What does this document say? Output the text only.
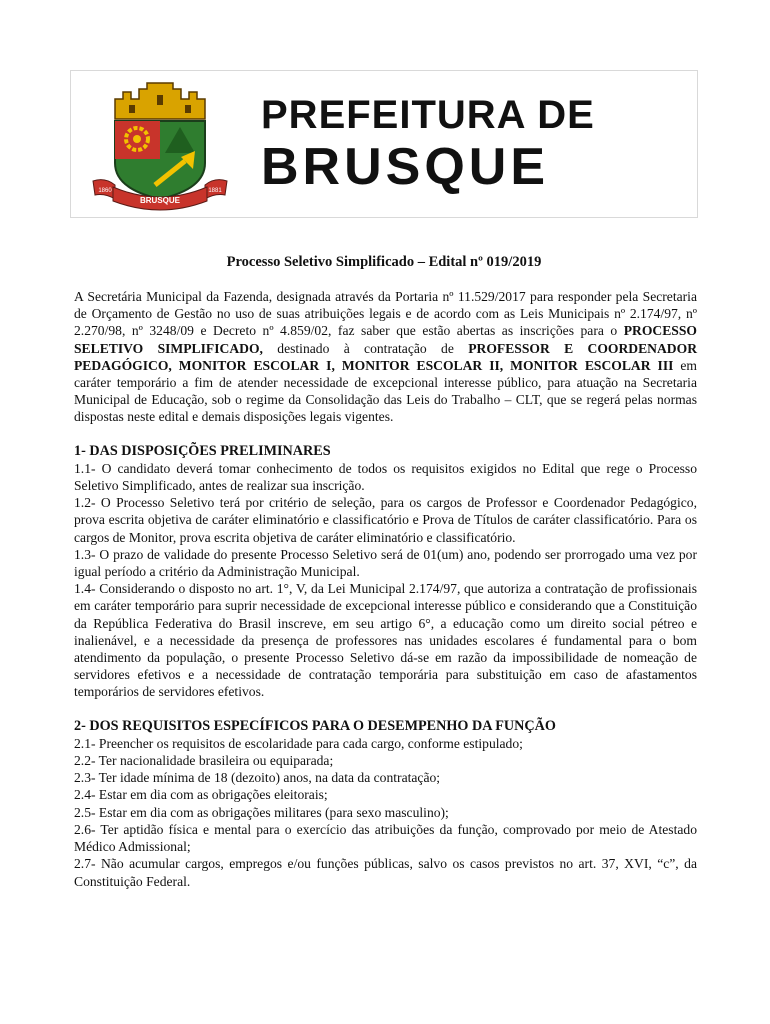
BRUSQUE
1860	1881
PREFEITURA DE
BRUSQUE
Processo Seletivo Simplificado – Edital nº 019/2019

A Secretária Municipal da Fazenda, designada através da Portaria nº 11.529/2017 para responder pela Secretaria de Orçamento de Gestão no uso de suas atribuições legais e de acordo com as Leis Municipais nº 2.174/97, nº 2.270/98, nº 3248/09 e Decreto nº 4.859/02, faz saber que estão abertas as inscrições para o PROCESSO SELETIVO SIMPLIFICADO, destinado à contratação de PROFESSOR E COORDENADOR PEDAGÓGICO, MONITOR ESCOLAR I, MONITOR ESCOLAR II, MONITOR ESCOLAR III em caráter temporário a fim de atender necessidade de excepcional interesse público, para atuação na Secretaria Municipal de Educação, sob o regime da Consolidação das Leis do Trabalho – CLT, que se regerá pelas normas dispostas neste edital e demais disposições legais vigentes.

1- DAS DISPOSIÇÕES PRELIMINARES

1.1- O candidato deverá tomar conhecimento de todos os requisitos exigidos no Edital que rege o Processo Seletivo Simplificado, antes de realizar sua inscrição.

1.2- O Processo Seletivo terá por critério de seleção, para os cargos de Professor e Coordenador Pedagógico, prova escrita objetiva de caráter eliminatório e classificatório e Prova de Títulos de caráter classificatório. Para os cargos de Monitor, prova escrita objetiva de caráter eliminatório e classificatório.

1.3- O prazo de validade do presente Processo Seletivo será de 01(um) ano, podendo ser prorrogado uma vez por igual período a critério da Administração Municipal.

1.4- Considerando o disposto no art. 1°, V, da Lei Municipal 2.174/97, que autoriza a contratação de profissionais em caráter temporário para suprir necessidade de excepcional interesse público e considerando que a Constituição da República Federativa do Brasil inscreve, em seu artigo 6°, a educação como um direito social pétreo e inalienável, e a necessidade da presença de professores nas unidades escolares é fundamental para o bom atendimento da população, o presente Processo Seletivo dá-se em razão da impossibilidade de nomeação de servidores efetivos e a necessidade de contratação temporária para substituição em caso de afastamentos temporários de servidores efetivos.

2- DOS REQUISITOS ESPECÍFICOS PARA O DESEMPENHO DA FUNÇÃO

2.1- Preencher os requisitos de escolaridade para cada cargo, conforme estipulado;

2.2- Ter nacionalidade brasileira ou equiparada;

2.3- Ter idade mínima de 18 (dezoito) anos, na data da contratação;

2.4- Estar em dia com as obrigações eleitorais;

2.5- Estar em dia com as obrigações militares (para sexo masculino);

2.6- Ter aptidão física e mental para o exercício das atribuições da função, comprovado por meio de Atestado Médico Admissional;

2.7- Não acumular cargos, empregos e/ou funções públicas, salvo os casos previstos no art. 37, XVI, “c”, da Constituição Federal.
